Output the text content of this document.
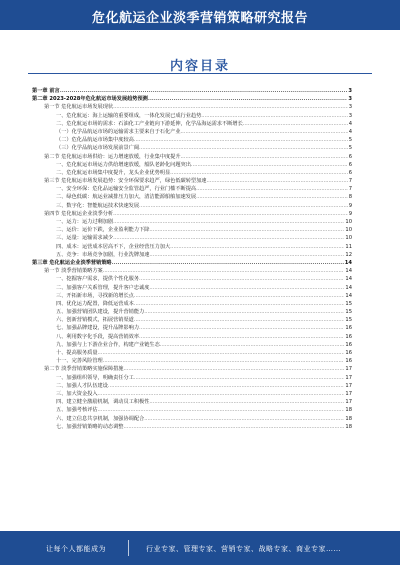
危化航运企业淡季营销策略研究报告
内容目录
第一章 前言 .....	3
第二章 2023-2028年危化航运市场发展趋势预测 .....	3
第一节 危化航运市场发展现状 .....	3
一、危化航运：海上运输的重要组成，一体化发展已成行业趋势 .....	3
二、危化航运市场的需求：石油化工产业链向下游延伸，化学品海运需求不断增长 .....	4
（一）化学品航运市场的运输需求主要来自于石化产业 .....	4
（二）危化品航运市场集中度较高 .....	5
（三）化学品航运市场发展前景广阔 .....	5
第二节 危化航运市场供给：运力增速放缓，行业集中度提升 .....	6
一、危化航运市场运力供给增速放缓，船队老龄化问题突出 .....	6
二、危化航运市场集中度提升，龙头企业优势明显 .....	6
第三节 危化航运市场发展趋势：安全环保要求趋严，绿色低碳转型加速 .....	7
一、安全环保：危化品运输安全监管趋严，行业门槛不断提高 .....	7
二、绿色低碳：航运业减排压力加大，清洁能源船舶加速发展 .....	8
三、数字化：智能航运技术快速发展 .....	9
第四节 危化航运企业淡季分析 .....	9
一、运力：运力过剩加剧 .....	10
二、运价：运价下跌，企业盈利能力下降 .....	10
三、运量：运输需求减少 .....	10
四、成本：运营成本居高不下，企业经营压力加大 .....	11
五、竞争：市场竞争加剧，行业洗牌加速 .....	12
第三章 危化航运企业淡季营销策略 .....	14
第一节 淡季营销策略方案 .....	14
一、挖掘客户需求，提供个性化服务 .....	14
二、加强客户关系管理，提升客户忠诚度 .....	14
三、开拓新市场，寻找新的增长点 .....	14
四、优化运力配置，降低运营成本 .....	15
五、加强营销团队建设，提升营销能力 .....	15
六、创新营销模式，拓展营销渠道 .....	15
七、加强品牌建设，提升品牌影响力 .....	16
八、利用数字化手段，提高营销效率 .....	16
九、加强与上下游企业合作，构建产业链生态 .....	16
十、提高服务质量 .....	16
十一、完善风险管理 .....	16
第二节 淡季营销策略实施保障措施 .....	17
一、加强组织领导，明确责任分工 .....	17
二、加强人才队伍建设 .....	17
三、加大资金投入 .....	17
四、建立健全激励机制，调动员工积极性 .....	17
五、加强考核评估 .....	18
六、建立信息共享机制，加强协调配合 .....	18
七、加强营销策略的动态调整 .....	18
让每个人都能成为	行业专家、管理专家、营销专家、战略专家、商业专家……
